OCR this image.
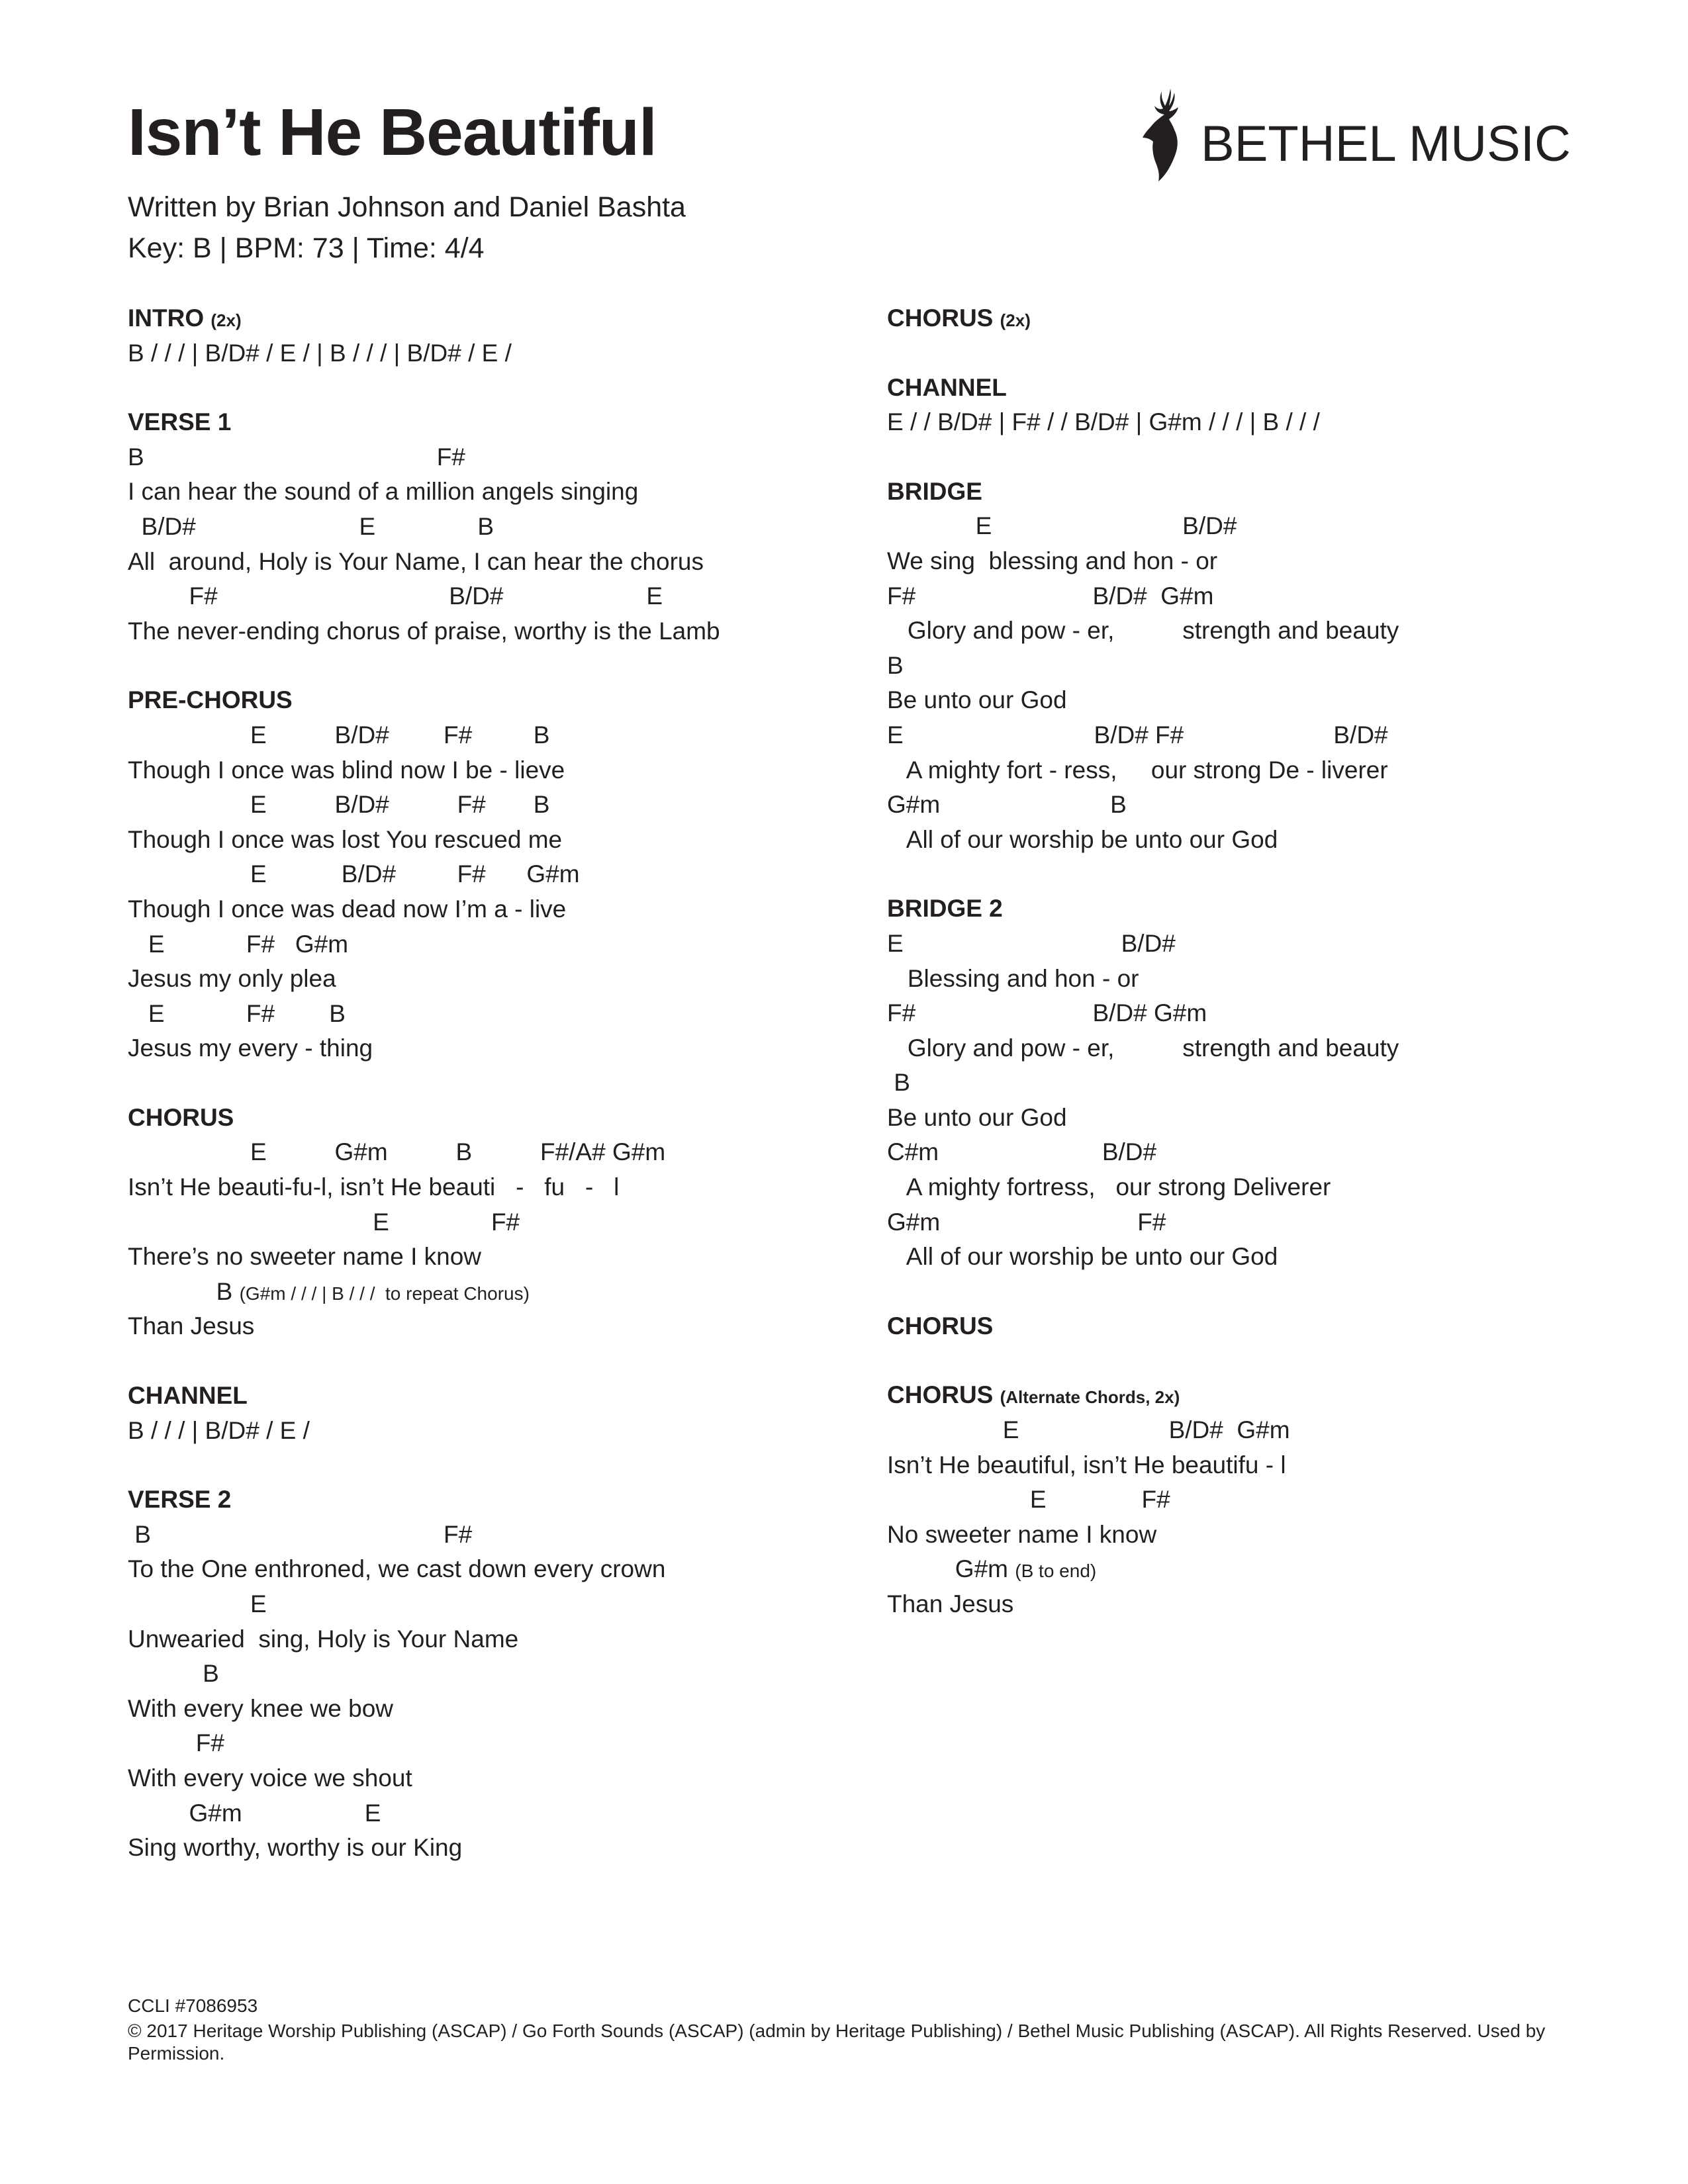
Isn’t He Beautiful
Written by Brian Johnson and Daniel Bashta
Key: B | BPM: 73 | Time: 4/4
BETHEL MUSIC
INTRO (2x)
B / / / | B/D# / E / | B / / / | B/D# / E /
VERSE 1
B                                           F#
I can hear the sound of a million angels singing
B/D#                        E               B
All  around, Holy is Your Name, I can hear the chorus
F#                                  B/D#                     E
The never-ending chorus of praise, worthy is the Lamb
PRE-CHORUS
E          B/D#        F#         B
Though I once was blind now I be - lieve
E          B/D#          F#       B
Though I once was lost You rescued me
E           B/D#         F#      G#m
Though I once was dead now I’m a - live
E            F#   G#m
Jesus my only plea
E            F#        B
Jesus my every - thing
CHORUS
E          G#m          B          F#/A# G#m
Isn’t He beauti-fu-l, isn’t He beauti   -   fu   -   l
E               F#
There’s no sweeter name I know
B (G#m / / / | B / / /  to repeat Chorus)
Than Jesus
CHANNEL
B / / / | B/D# / E /
VERSE 2
B                                           F#
To the One enthroned, we cast down every crown
E
Unwearied  sing, Holy is Your Name
B
With every knee we bow
F#
With every voice we shout
G#m                  E
Sing worthy, worthy is our King
CHORUS (2x)
CHANNEL
E / / B/D# | F# / / B/D# | G#m / / / | B / / /
BRIDGE
E                            B/D#
We sing  blessing and hon - or
F#                          B/D#  G#m
Glory and pow - er,          strength and beauty
B
Be unto our God
E                            B/D# F#                      B/D#
A mighty fort - ress,     our strong De - liverer
G#m                         B
All of our worship be unto our God
BRIDGE 2
E                                B/D#
Blessing and hon - or
F#                          B/D# G#m
Glory and pow - er,          strength and beauty
B
Be unto our God
C#m                        B/D#
A mighty fortress,   our strong Deliverer
G#m                             F#
All of our worship be unto our God
CHORUS
CHORUS (Alternate Chords, 2x)
E                      B/D#  G#m
Isn’t He beautiful, isn’t He beautifu - l
E              F#
No sweeter name I know
G#m (B to end)
Than Jesus
CCLI #7086953
© 2017 Heritage Worship Publishing (ASCAP) / Go Forth Sounds (ASCAP) (admin by Heritage Publishing) / Bethel Music Publishing (ASCAP). All Rights Reserved. Used by Permission.
